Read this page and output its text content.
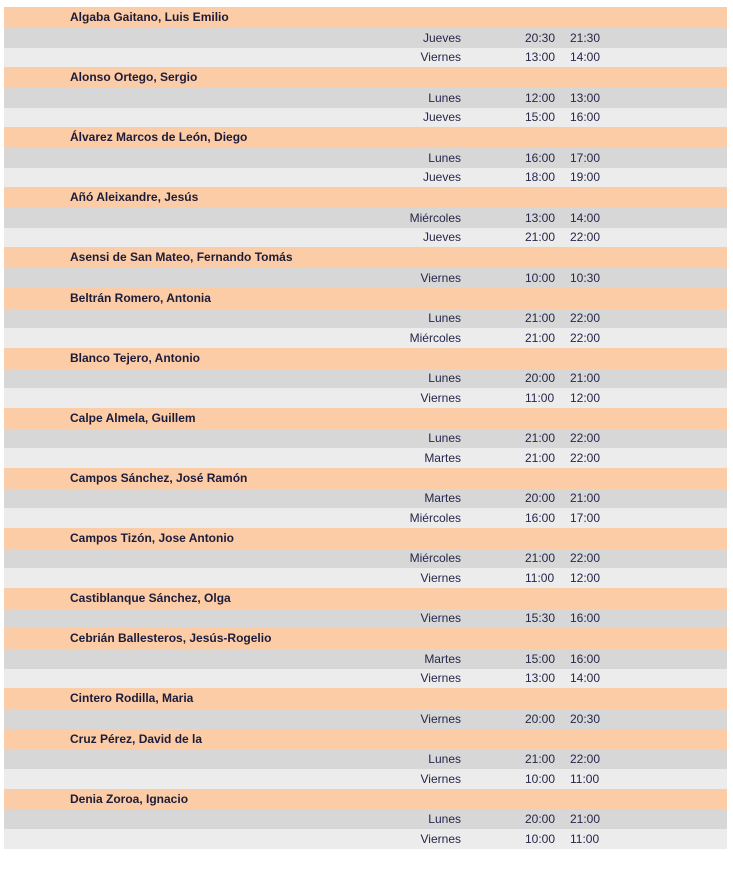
Algaba Gaitano, Luis Emilio
Jueves	20:30 21:30
Viernes	13:00 14:00
Alonso Ortego, Sergio
Lunes	12:00 13:00
Jueves	15:00 16:00
Álvarez Marcos de León, Diego
Lunes	16:00 17:00
Jueves	18:00 19:00
Añó Aleixandre, Jesús
Miércoles	13:00 14:00
Jueves	21:00 22:00
Asensi de San Mateo, Fernando Tomás
Viernes	10:00 10:30
Beltrán Romero, Antonia
Lunes	21:00 22:00
Miércoles	21:00 22:00
Blanco Tejero, Antonio
Lunes	20:00 21:00
Viernes	11:00 12:00
Calpe Almela, Guillem
Lunes	21:00 22:00
Martes	21:00 22:00
Campos Sánchez, José Ramón
Martes	20:00 21:00
Miércoles	16:00 17:00
Campos Tizón, Jose Antonio
Miércoles	21:00 22:00
Viernes	11:00 12:00
Castiblanque Sánchez, Olga
Viernes	15:30 16:00
Cebrián Ballesteros, Jesús-Rogelio
Martes	15:00 16:00
Viernes	13:00 14:00
Cintero Rodilla, Maria
Viernes	20:00 20:30
Cruz Pérez, David de la
Lunes	21:00 22:00
Viernes	10:00 11:00
Denia Zoroa, Ignacio
Lunes	20:00 21:00
Viernes	10:00 11:00
